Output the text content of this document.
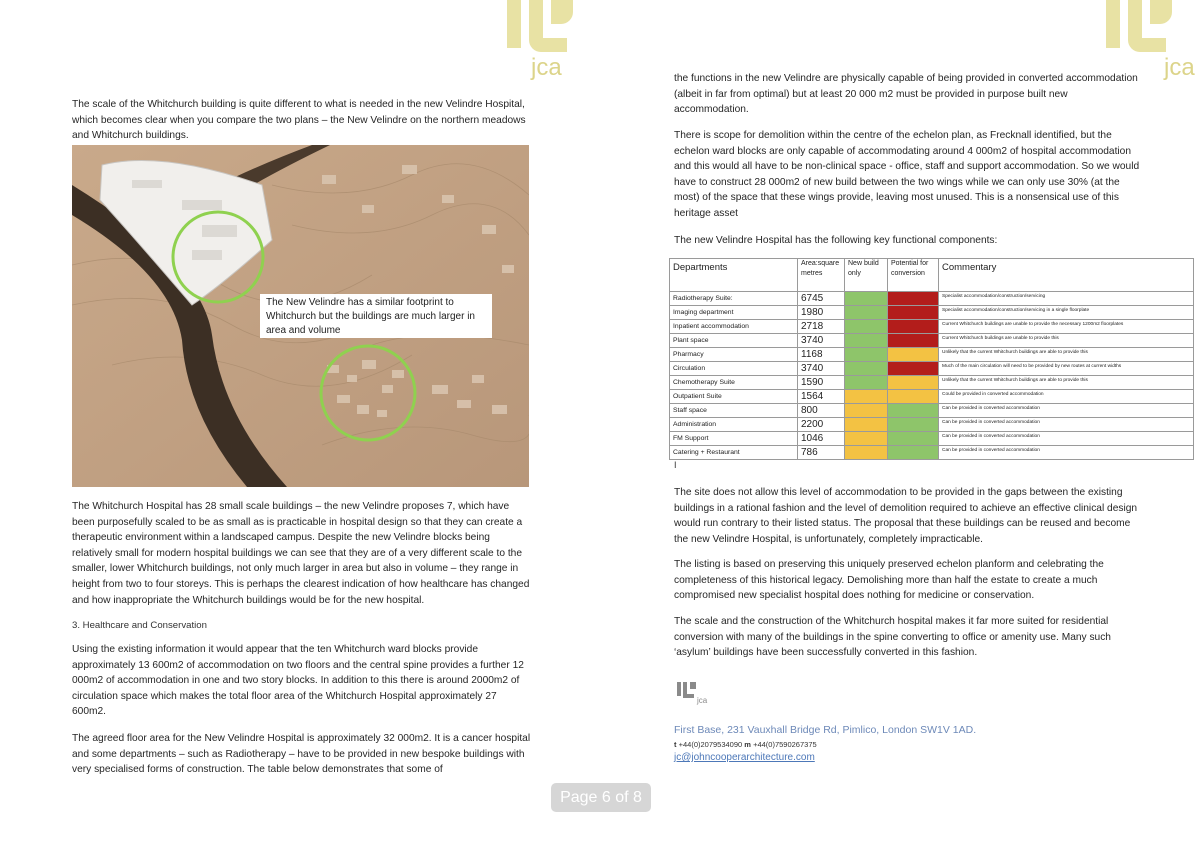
jca

The scale of the Whitchurch building is quite different to what is needed in the new Velindre Hospital, which becomes clear when you compare the two plans – the New Velindre on the northern meadows and Whitchurch buildings.

The New Velindre has a similar footprint to Whitchurch but the buildings are much larger in area and volume

The Whitchurch Hospital has 28 small scale buildings – the new Velindre proposes 7, which have been purposefully scaled to be as small as is practicable in hospital design so that they can create a therapeutic environment within a landscaped campus. Despite the new Velindre blocks being relatively small for modern hospital buildings we can see that they are of a very different scale to the smaller, lower Whitchurch buildings, not only much larger in area but also in volume – they range in height from two to four storeys. This is perhaps the clearest indication of how healthcare has changed and how inappropriate the Whitchurch buildings would be for the new hospital.

3. Healthcare and Conservation

Using the existing information it would appear that the ten Whitchurch ward blocks provide approximately 13 600m2 of accommodation on two floors and the central spine provides a further 12 000m2 of accommodation in one and two story blocks. In addition to this there is around 2000m2 of circulation space which makes the total floor area of the Whitchurch Hospital approximately 27 600m2.

The agreed floor area for the New Velindre Hospital is approximately 32 000m2. It is a cancer hospital and some departments – such as Radiotherapy – have to be provided in new bespoke buildings with very specialised forms of construction. The table below demonstrates that some of

jca

the functions in the new Velindre are physically capable of being provided in converted accommodation (albeit in far from optimal) but at least 20 000 m2 must be provided in purpose built new accommodation.

There is scope for demolition within the centre of the echelon plan, as Frecknall identified, but the echelon ward blocks are only capable of accommodating around 4 000m2 of hospital accommodation and this would all have to be non-clinical space - office, staff and support accommodation. So we would have to construct 28 000m2 of new build between the two wings while we can only use 30% (at the most) of the space that these wings provide, leaving most unused. This is a nonsensical use of this heritage asset

The new Velindre Hospital has the following key functional components:

Departments	Area:square metres	New build only	Potential for conversion	Commentary
Radiotherapy Suite:	6745			Specialist accommodation/construction/servicing
Imaging department	1980			Specialist accommodation/construction/servicing in a single floorplate
Inpatient accommodation	2718			Current Whitchurch buildings are unable to provide the necessary 1200m2 floorplates
Plant space	3740			Current Whitchurch buildings are unable to provide this
Pharmacy	1168			Unlikely that the current Whitchurch buildings are able to provide this
Circulation	3740			Much of the main circulation will need to be provided by new routes at current widths
Chemotherapy Suite	1590			Unlikely that the current Whitchurch buildings are able to provide this
Outpatient Suite	1564			Could be provided in converted accommodation
Staff space	800			Can be provided in converted accommodation
Administration	2200			Can be provided in converted accommodation
FM Support	1046			Can be provided in converted accommodation
Catering + Restaurant	786			Can be provided in converted accommodation
I

The site does not allow this level of accommodation to be provided in the gaps between the existing buildings in a rational fashion and the level of demolition required to achieve an effective clinical design would run contrary to their listed status. The proposal that these buildings can be reused and become the new Velindre Hospital, is unfortunately, completely impracticable.

The listing is based on preserving this uniquely preserved echelon planform and celebrating the completeness of this historical legacy. Demolishing more than half the estate to create a much compromised new specialist hospital does nothing for medicine or conservation.

The scale and the construction of the Whitchurch hospital makes it far more suited for residential conversion with many of the buildings in the spine converting to office or amenity use. Many such ‘asylum’ buildings have been successfully converted in this fashion.

jca

First Base, 231 Vauxhall Bridge Rd, Pimlico, London SW1V 1AD.

t +44(0)2079534090 m +44(0)7590267375

jc@johncooperarchitecture.com

Page 6 of 8
